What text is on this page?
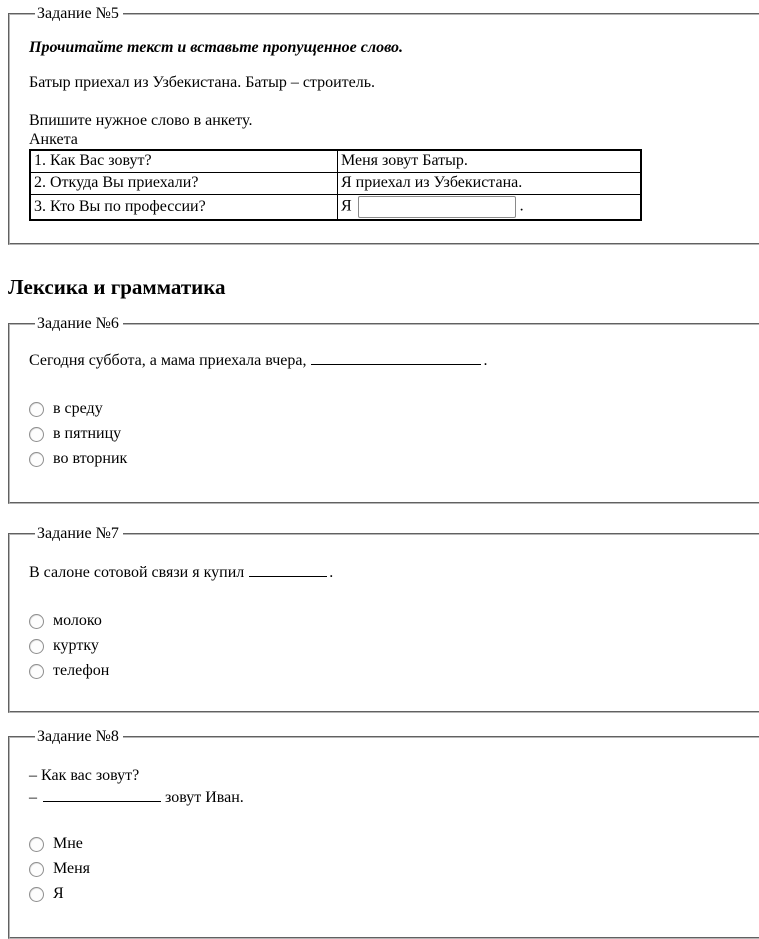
Задание №5

Прочитайте текст и вставьте пропущенное слово.

Батыр приехал из Узбекистана. Батыр – строитель.

Впишите нужное слово в анкету.
Анкета

1. Как Вас зовут?	Меня зовут Батыр.
2. Откуда Вы приехали?	Я приехал из Узбекистана.
3. Кто Вы по профессии?	Я .
Лексика и грамматика
Задание №6

Сегодня суббота, а мама приехала вчера,	.

в среду
в пятницу
во вторник
Задание №7

В салоне сотовой связи я купил	.

молоко
куртку
телефон
Задание №8
– Как вас зовут?
–	зовут Иван.
Мне
Меня
Я
